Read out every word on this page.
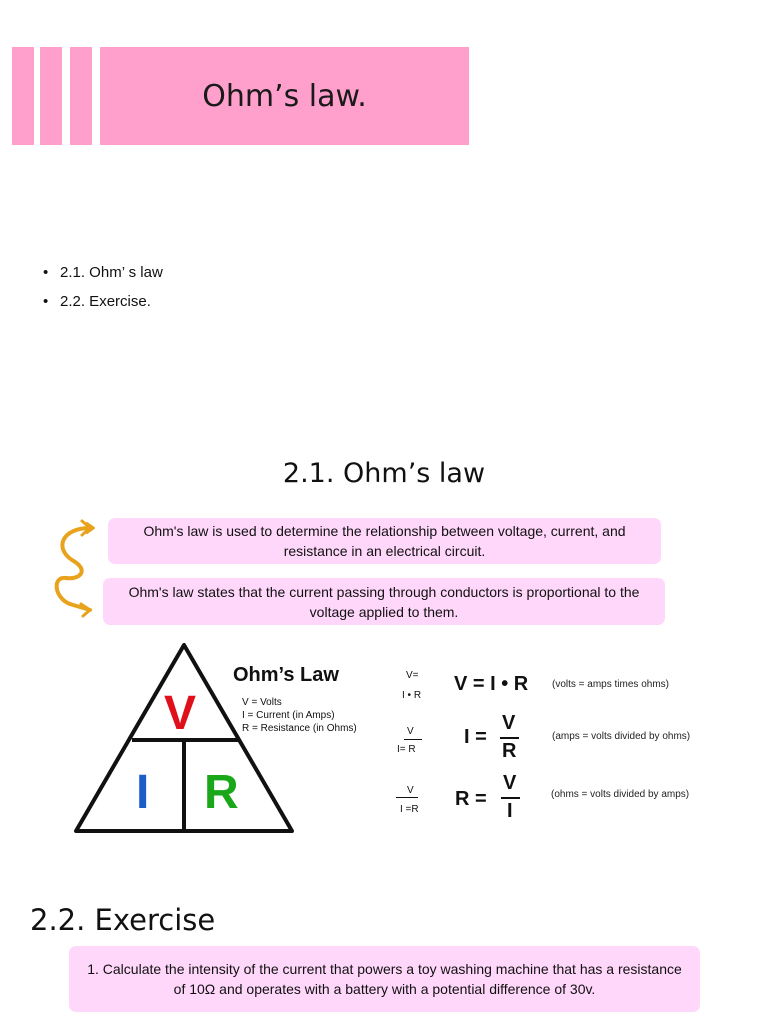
Ohm’s law.
• 2.1. Ohm’ s law
• 2.2. Exercise.
2.1. Ohm’s law
Ohm's law is used to determine the relationship between voltage, current, and resistance in an electrical circuit.
Ohm's law states that the current passing through conductors is proportional to the voltage applied to them.
V
I R
Ohm’s Law
V = Volts
I = Current (in Amps)
R = Resistance (in Ohms)
V=
I • R
V = I • R (volts = amps times ohms)
V
I= R
I =
V
R
(amps = volts divided by ohms)
V
I =R R =
V
I
(ohms = volts divided by amps)
2.2. Exercise
1. Calculate the intensity of the current that powers a toy washing machine that has a resistance of 10Ω and operates with a battery with a potential difference of 30v.
